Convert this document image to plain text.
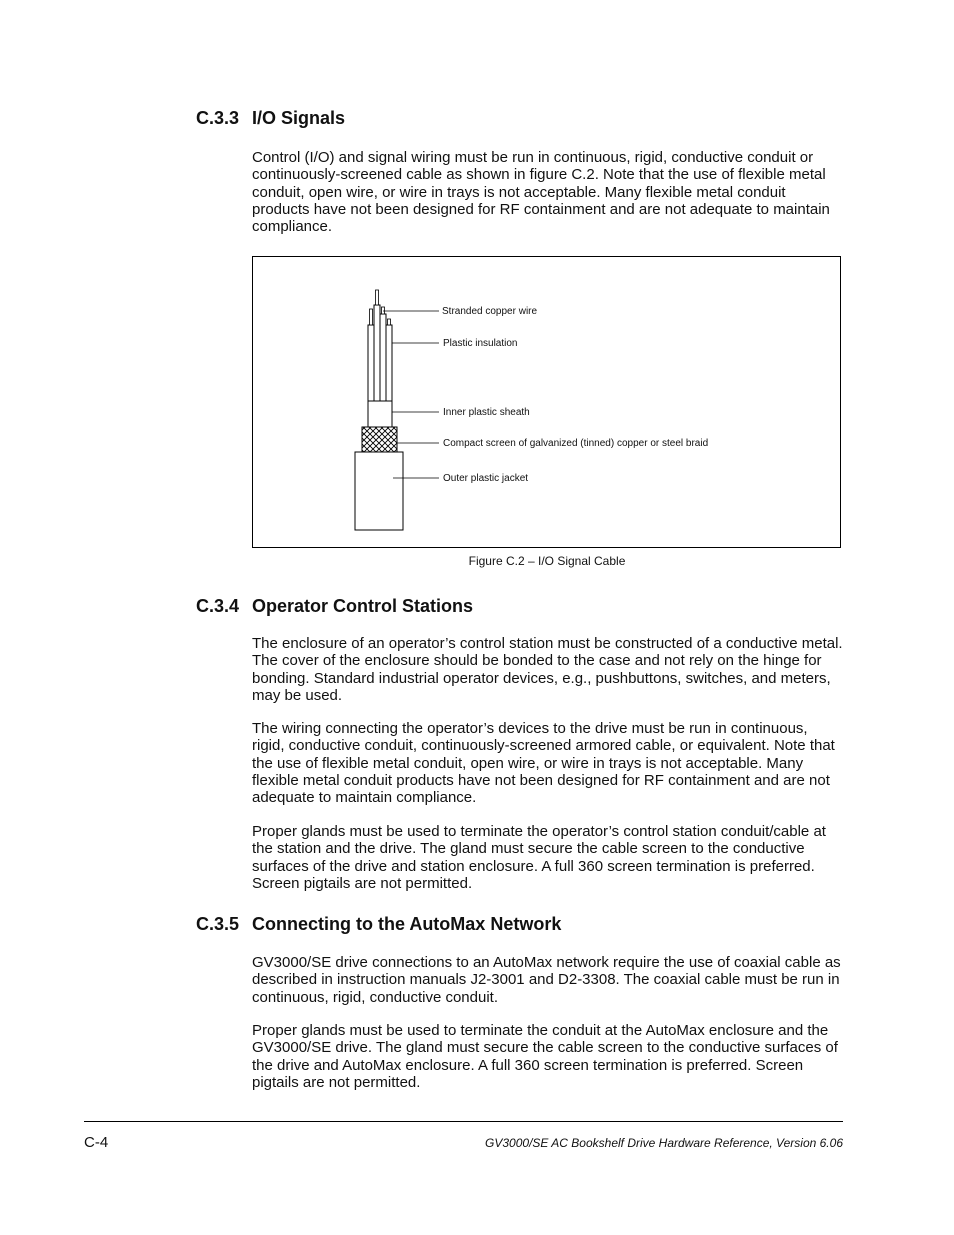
C.3.3 I/O Signals

Control (I/O) and signal wiring must be run in continuous, rigid, conductive conduit or continuously-screened cable as shown in figure C.2. Note that the use of flexible metal conduit, open wire, or wire in trays is not acceptable. Many flexible metal conduit products have not been designed for RF containment and are not adequate to maintain compliance.

Stranded copper wire
Plastic insulation
Inner plastic sheath
Compact screen of galvanized (tinned) copper or steel braid
Outer plastic jacket

Figure C.2 – I/O Signal Cable

C.3.4 Operator Control Stations

The enclosure of an operator’s control station must be constructed of a conductive metal. The cover of the enclosure should be bonded to the case and not rely on the hinge for bonding. Standard industrial operator devices, e.g., pushbuttons, switches, and meters, may be used.

The wiring connecting the operator’s devices to the drive must be run in continuous, rigid, conductive conduit, continuously-screened armored cable, or equivalent. Note that the use of flexible metal conduit, open wire, or wire in trays is not acceptable. Many flexible metal conduit products have not been designed for RF containment and are not adequate to maintain compliance.

Proper glands must be used to terminate the operator’s control station conduit/cable at the station and the drive. The gland must secure the cable screen to the conductive surfaces of the drive and station enclosure. A full 360 screen termination is preferred. Screen pigtails are not permitted.

C.3.5 Connecting to the AutoMax Network

GV3000/SE drive connections to an AutoMax network require the use of coaxial cable as described in instruction manuals J2-3001 and D2-3308. The coaxial cable must be run in continuous, rigid, conductive conduit.

Proper glands must be used to terminate the conduit at the AutoMax enclosure and the GV3000/SE drive. The gland must secure the cable screen to the conductive surfaces of the drive and AutoMax enclosure. A full 360 screen termination is preferred. Screen pigtails are not permitted.

C-4	GV3000/SE AC Bookshelf Drive Hardware Reference, Version 6.06
